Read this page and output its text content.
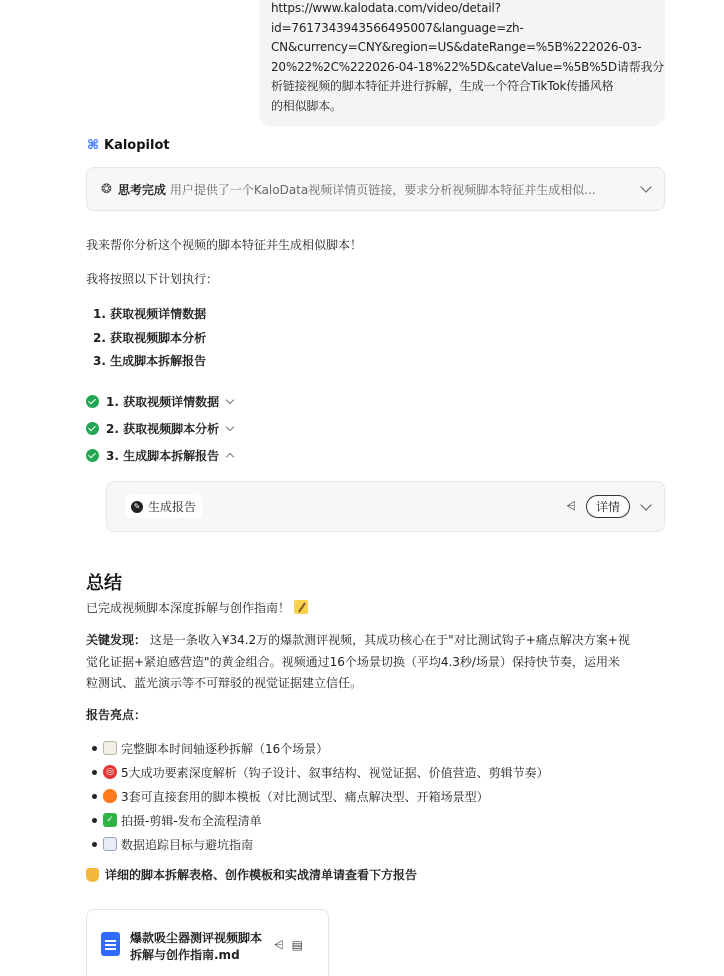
https://www.kalodata.com/video/detail?
id=7617343943566495007&language=zh-
CN&currency=CNY&region=US&dateRange=%5B%222026-03-
20%22%2C%222026-04-18%22%5D&cateValue=%5B%5D请帮我分
析链接视频的脚本特征并进行拆解，生成一个符合TikTok传播风格
的相似脚本。
⌘ Kalopilot
❂ 思考完成 用户提供了一个KaloData视频详情页链接，要求分析视频脚本特征并生成相似...
我来帮你分析这个视频的脚本特征并生成相似脚本！
我将按照以下计划执行：
1. 获取视频详情数据
2. 获取视频脚本分析
3. 生成脚本拆解报告
1. 获取视频详情数据
2. 获取视频脚本分析
3. 生成脚本拆解报告
✎ 生成报告	⩤	详情
总结
已完成视频脚本深度拆解与创作指南！
关键发现： 这是一条收入¥34.2万的爆款测评视频，其成功核心在于"对比测试钩子+痛点解决方案+视
觉化证据+紧迫感营造"的黄金组合。视频通过16个场景切换（平均4.3秒/场景）保持快节奏，运用米
粒测试、蓝光演示等不可辩驳的视觉证据建立信任。
报告亮点：
完整脚本时间轴逐秒拆解（16个场景）
◎ 5大成功要素深度解析（钩子设计、叙事结构、视觉证据、价值营造、剪辑节奏）
3套可直接套用的脚本模板（对比测试型、痛点解决型、开箱场景型）
✓ 拍摄-剪辑-发布全流程清单
数据追踪目标与避坑指南
详细的脚本拆解表格、创作模板和实战清单请查看下方报告
爆款吸尘器测评视频脚本拆解与创作指南.md
⩤ ▤
